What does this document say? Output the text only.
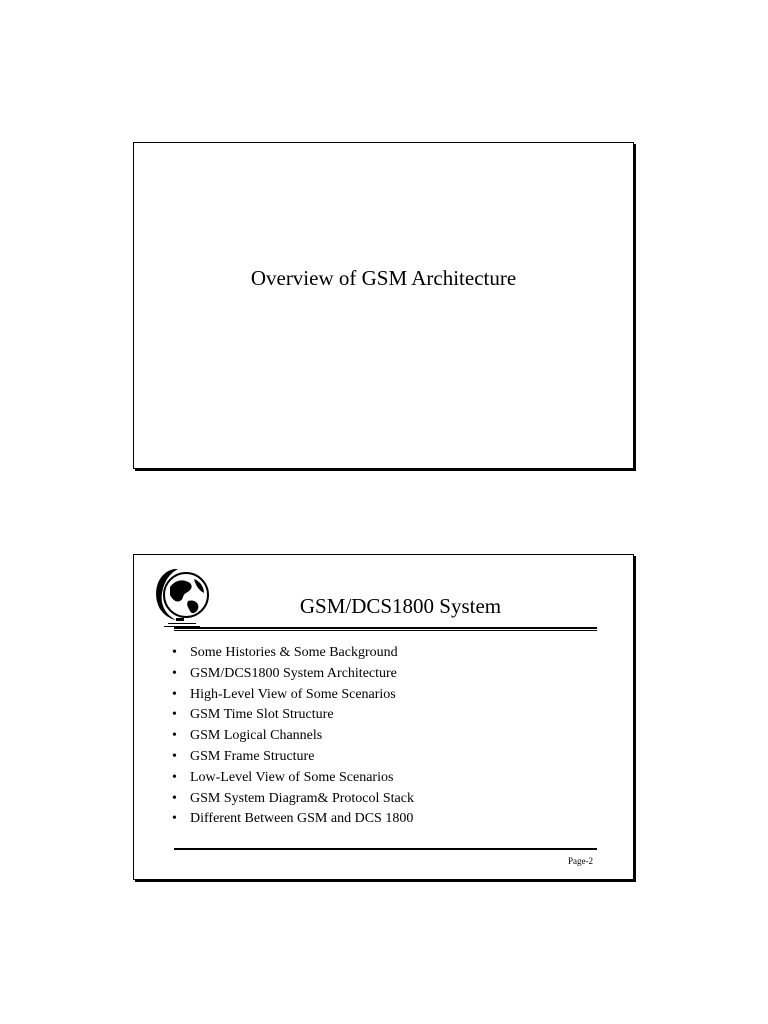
Overview of GSM Architecture
GSM/DCS1800 System
• Some Histories & Some Background
• GSM/DCS1800 System Architecture
• High-Level View of Some Scenarios
• GSM Time Slot Structure
• GSM Logical Channels
• GSM Frame Structure
• Low-Level View of Some Scenarios
• GSM System Diagram& Protocol Stack
• Different Between GSM and DCS 1800
Page-2
